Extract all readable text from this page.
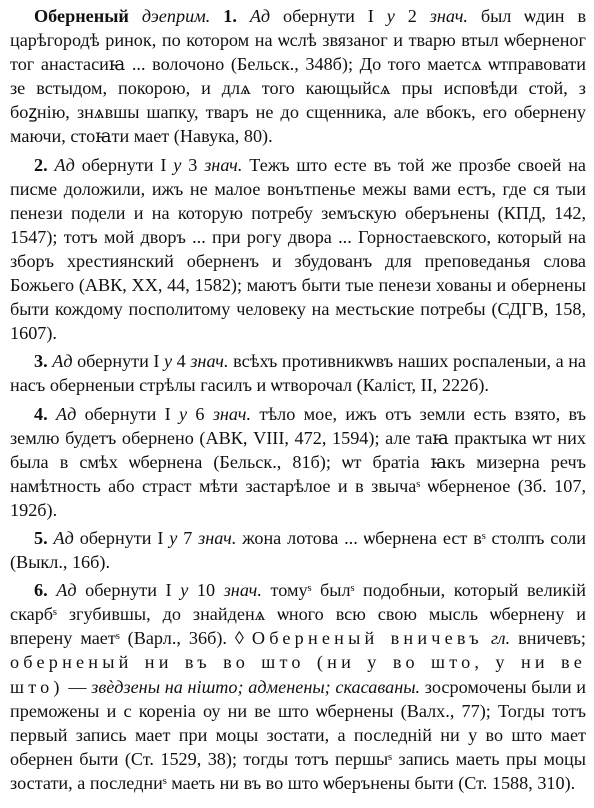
Оберненый дэеприм. 1. Ад обернути I у 2 знач. был ѡдин в царѣгородѣ ринок, по котором на ѡслѣ звязаног и тварю втыл ѡберненог тог анастасиꙗ ... волочоно (Бельск., 348б); До того маетсѧ ѡтправовати зе встыдом, покорою, и длѧ того кающыйсѧ пры исповѣди стой, з боꙁнiю, знѧвшы шапку, тваръ не до сщенника, але вбокъ, его обернену маючи, стоꙗти мает (Навука, 80).

2. Ад обернути I у 3 знач. Тежъ што есте въ той же прозбе своей на писме доложили, ижъ не малое вонътпенье межы вами естъ, где ся тыи пенези подели и на которую потребу земъскую оберънены (КПД, 142, 1547); тотъ мой дворъ ... при рогу двора ... Горностаевского, который на зборъ хрестиянский оберненъ и збудованъ для преповеданья слова Божьего (АВК, XX, 44, 1582); маютъ быти тые пенези хованы и обернены быти кождому посполитому человеку на местьские потребы (СДГВ, 158, 1607).

3. Ад обернути I у 4 знач. всѣхъ противникѡвъ наших роспаленыи, а на насъ оберненыи стрѣлы гасилъ и ѡтворочал (Калiст, II, 222б).

4. Ад обернути I у 6 знач. тѣло мое, ижъ отъ земли есть взято, въ землю будетъ обернено (АВК, VIII, 472, 1594); але таꙗ практыка ѡт них была в смѣх ѡбернена (Бельск., 81б); ѡт братiа ꙗкъ мизерна речъ намѣтность або страст мѣти застарѣлое и в звычаˢ ѡберненое (Зб. 107, 192б).

5. Ад обернути I у 7 знач. жона лотова ... ѡбернена ест вˢ столпъ соли (Выкл., 16б).

6. Ад обернути I у 10 знач. томуˢ былˢ подобныи, который великiй скарбˢ згубившы, до знайденѧ ѡного всю свою мысль ѡбернену и вперену маетˢ (Варл., 36б). ◊ Оберненый вничевъ гл. вничевъ; оберненый ни въ во што (ни у во што, у ни ве што) — звѐдзены на нішто; адменены; скасаваны. зосромочены были и преможены и с кореніа оу ни ве што ѡбернены (Валх., 77); Тогды тотъ первый запись мает при моцы зостати, а последнiй ни у во што мает обернен быти (Ст. 1529, 38); тогды тотъ першыˢ запись маеть пры моцы зостати, а последниˢ маеть ни въ во што ѡберънены быти (Ст. 1588, 310).
